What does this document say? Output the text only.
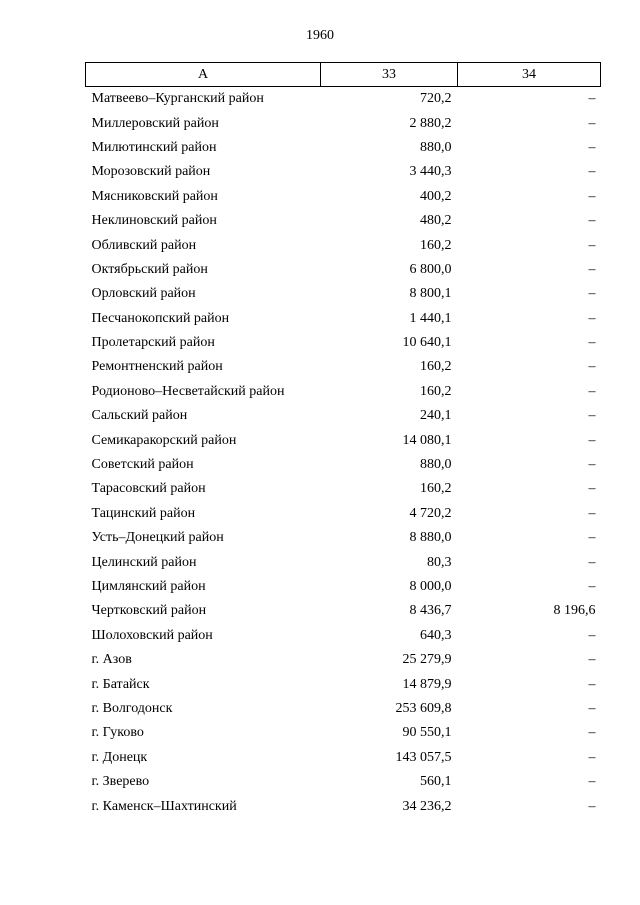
1960
А	33	34
Матвеево–Курганский район	720,2	–
Миллеровский район	2 880,2	–
Милютинский район	880,0	–
Морозовский район	3 440,3	–
Мясниковский район	400,2	–
Неклиновский район	480,2	–
Обливский район	160,2	–
Октябрьский район	6 800,0	–
Орловский район	8 800,1	–
Песчанокопский район	1 440,1	–
Пролетарский район	10 640,1	–
Ремонтненский район	160,2	–
Родионово–Несветайский район	160,2	–
Сальский район	240,1	–
Семикаракорский район	14 080,1	–
Советский район	880,0	–
Тарасовский район	160,2	–
Тацинский район	4 720,2	–
Усть–Донецкий район	8 880,0	–
Целинский район	80,3	–
Цимлянский район	8 000,0	–
Чертковский район	8 436,7	8 196,6
Шолоховский район	640,3	–
г. Азов	25 279,9	–
г. Батайск	14 879,9	–
г. Волгодонск	253 609,8	–
г. Гуково	90 550,1	–
г. Донецк	143 057,5	–
г. Зверево	560,1	–
г. Каменск–Шахтинский	34 236,2	–
